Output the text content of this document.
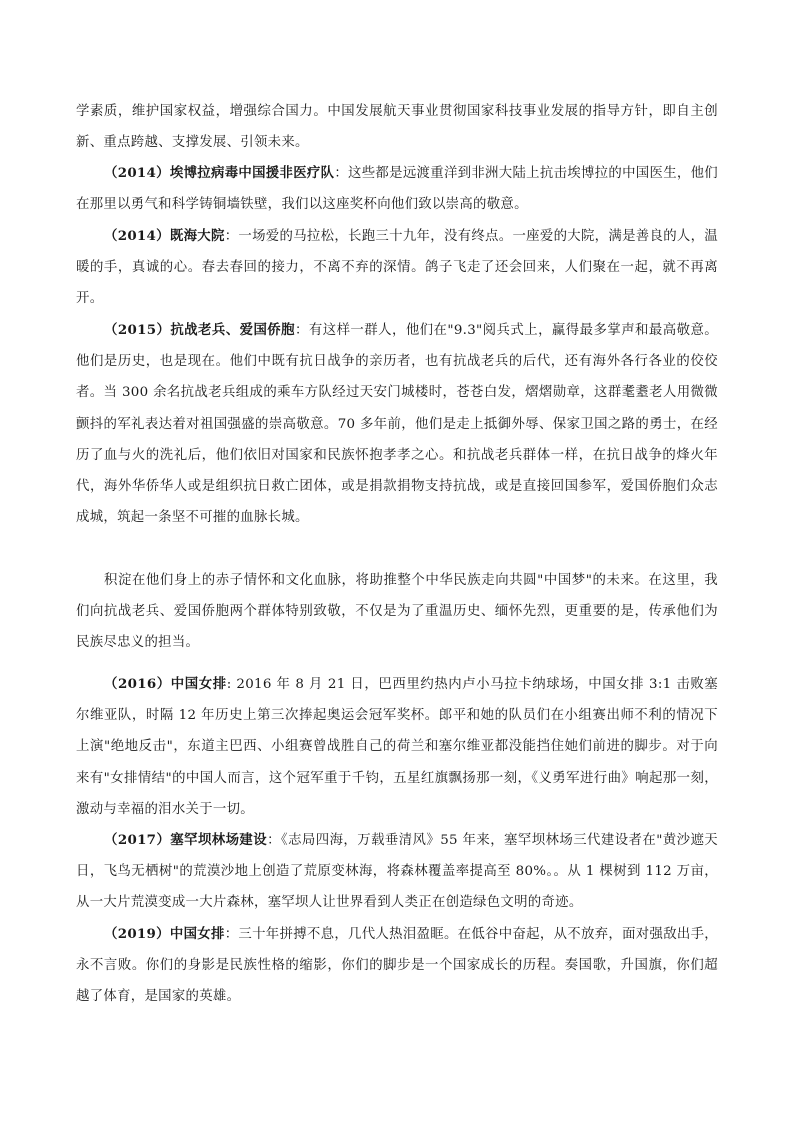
学素质，维护国家权益，增强综合国力。中国发展航天事业贯彻国家科技事业发展的指导方针，即自主创新、重点跨越、支撑发展、引领未来。

（2014）埃博拉病毒中国援非医疗队：这些都是远渡重洋到非洲大陆上抗击埃博拉的中国医生，他们在那里以勇气和科学铸铜墙铁壁，我们以这座奖杯向他们致以崇高的敬意。

（2014）既海大院：一场爱的马拉松，长跑三十九年，没有终点。一座爱的大院，满是善良的人，温暖的手，真诚的心。春去春回的接力，不离不弃的深情。鸽子飞走了还会回来，人们聚在一起，就不再离开。

（2015）抗战老兵、爱国侨胞：有这样一群人，他们在"9.3"阅兵式上，赢得最多掌声和最高敬意。他们是历史，也是现在。他们中既有抗日战争的亲历者，也有抗战老兵的后代，还有海外各行各业的佼佼者。当 300 余名抗战老兵组成的乘车方队经过天安门城楼时，苍苍白发，熠熠勋章，这群耄耋老人用微微颤抖的军礼表达着对祖国强盛的崇高敬意。70 多年前，他们是走上抵御外辱、保家卫国之路的勇士，在经历了血与火的洗礼后，他们依旧对国家和民族怀抱孝孝之心。和抗战老兵群体一样，在抗日战争的烽火年代，海外华侨华人或是组织抗日救亡团体，或是捐款捐物支持抗战，或是直接回国参军，爱国侨胞们众志成城，筑起一条坚不可摧的血脉长城。

积淀在他们身上的赤子情怀和文化血脉，将助推整个中华民族走向共圆"中国梦"的未来。在这里，我们向抗战老兵、爱国侨胞两个群体特别致敬，不仅是为了重温历史、缅怀先烈，更重要的是，传承他们为民族尽忠义的担当。

（2016）中国女排: 2016 年 8 月 21 日，巴西里约热内卢小马拉卡纳球场，中国女排 3:1 击败塞尔维亚队，时隔 12 年历史上第三次捧起奥运会冠军奖杯。郎平和她的队员们在小组赛出师不利的情况下上演"绝地反击"，东道主巴西、小组赛曾战胜自己的荷兰和塞尔维亚都没能挡住她们前进的脚步。对于向来有"女排情结"的中国人而言，这个冠军重于千钧，五星红旗飘扬那一刻，《义勇军进行曲》响起那一刻，激动与幸福的泪水关于一切。

（2017）塞罕坝林场建设：《志局四海，万载垂清风》55 年来，塞罕坝林场三代建设者在"黄沙遮天日，飞鸟无栖树"的荒漠沙地上创造了荒原变林海，将森林覆盖率提高至 80%。。从 1 棵树到 112 万亩，从一大片荒漠变成一大片森林，塞罕坝人让世界看到人类正在创造绿色文明的奇迹。

（2019）中国女排：三十年拼搏不息，几代人热泪盈眶。在低谷中奋起，从不放弃，面对强敌出手，永不言败。你们的身影是民族性格的缩影，你们的脚步是一个国家成长的历程。奏国歌，升国旗，你们超越了体育，是国家的英雄。
